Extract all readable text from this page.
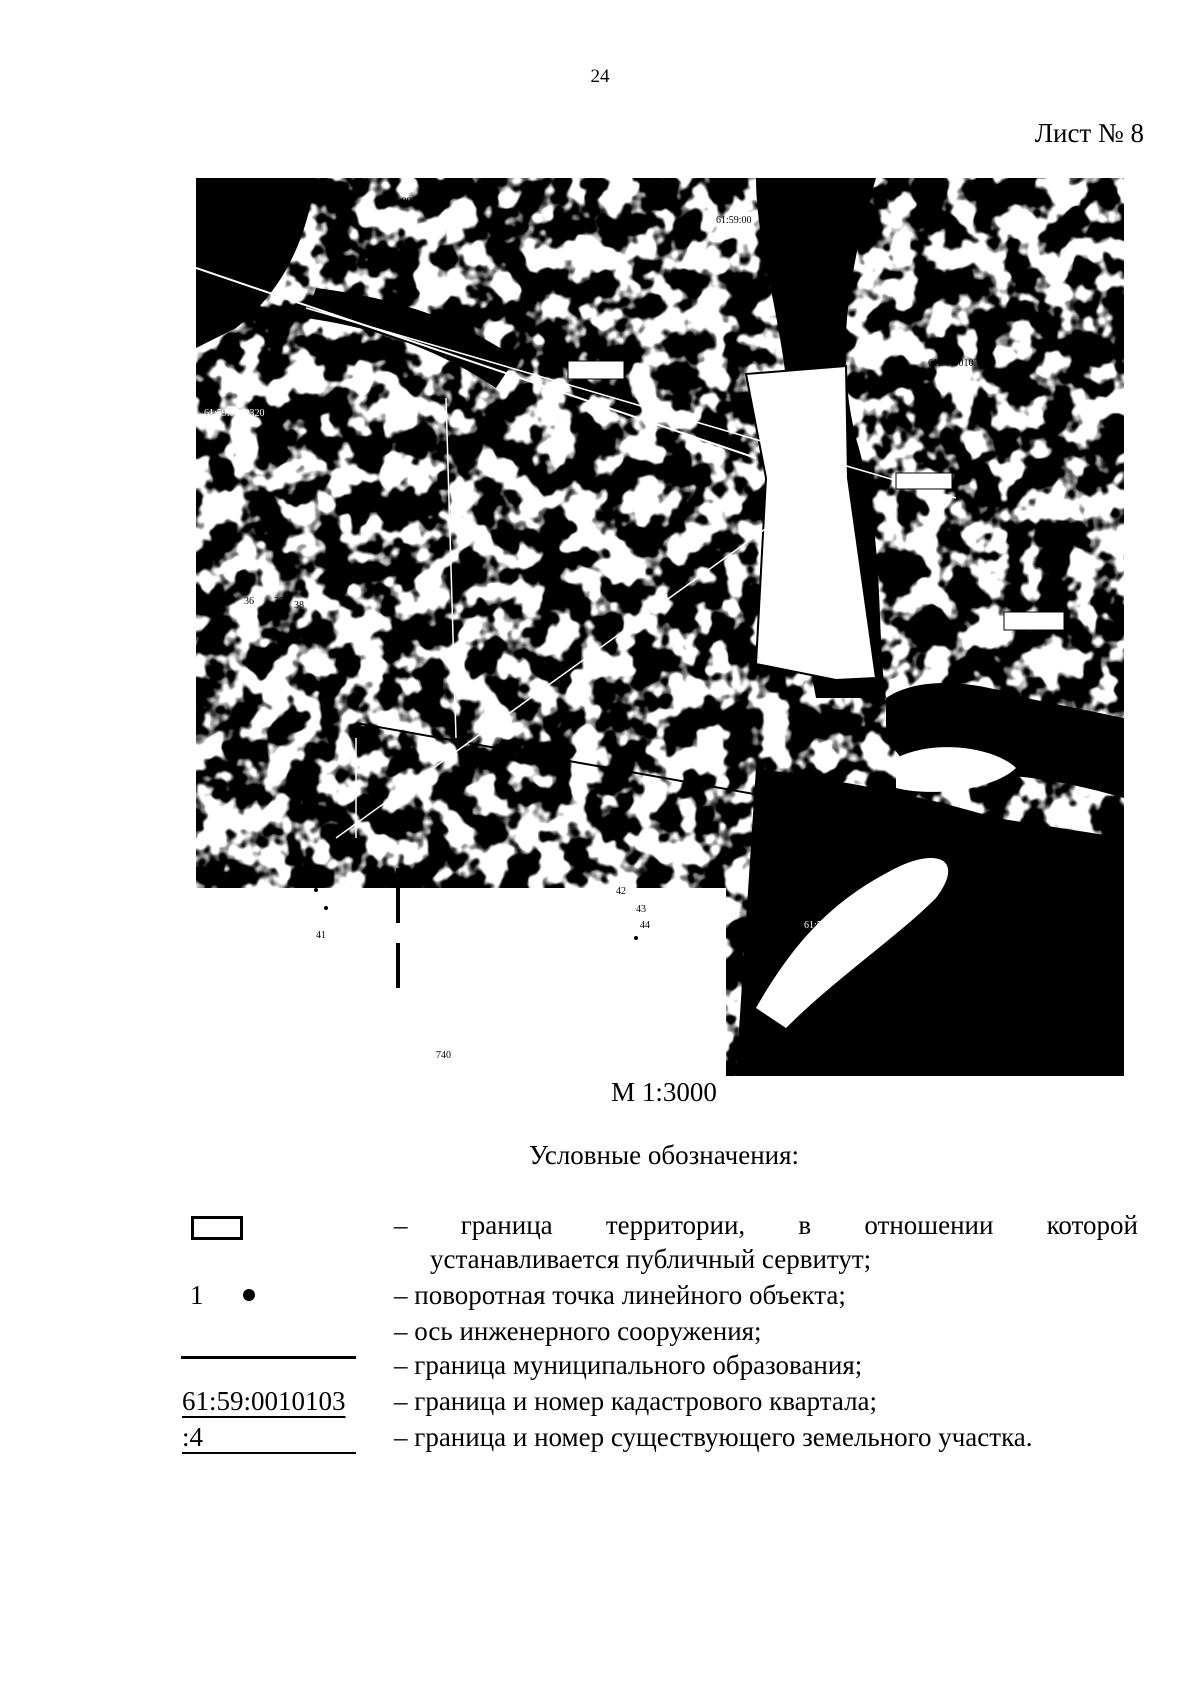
24
Лист № 8
61:59:0010103
61:59:00
61:59:0010317
61:59:0010320
61:
61:59
36 37 38
42
42
43
44
740
41
М 1:3000
Условные обозначения:
– граница территории, в отношении которой
устанавливается публичный сервитут;
1	– поворотная точка линейного объекта;
– ось инженерного сооружения;
– граница муниципального образования;
61:59:0010103 – граница и номер кадастрового квартала;
:4	– граница и номер существующего земельного участка.
